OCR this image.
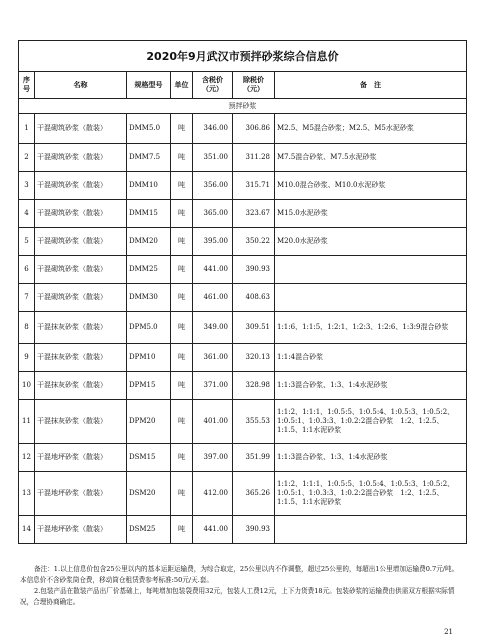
2020年9月武汉市预拌砂浆综合信息价						
序号	名称	规格型号	单位	含税价（元）	除税价（元）	备　注
预拌砂浆						
1	干混砌筑砂浆（散装）	DMM5.0	吨	346.00	306.86	M2.5、M5混合砂浆；M2.5、M5水泥砂浆
2	干混砌筑砂浆（散装）	DMM7.5	吨	351.00	311.28	M7.5混合砂浆、M7.5水泥砂浆
3	干混砌筑砂浆（散装）	DMM10	吨	356.00	315.71	M10.0混合砂浆、M10.0水泥砂浆
4	干混砌筑砂浆（散装）	DMM15	吨	365.00	323.67	M15.0水泥砂浆
5	干混砌筑砂浆（散装）	DMM20	吨	395.00	350.22	M20.0水泥砂浆
6	干混砌筑砂浆（散装）	DMM25	吨	441.00	390.93	
7	干混砌筑砂浆（散装）	DMM30	吨	461.00	408.63	
8	干混抹灰砂浆（散装）	DPM5.0	吨	349.00	309.51	1:1:6、1:1:5、1:2:1、1:2:3、1:2:6、1:3:9混合砂浆
9	干混抹灰砂浆（散装）	DPM10	吨	361.00	320.13	1:1:4混合砂浆
10	干混抹灰砂浆（散装）	DPM15	吨	371.00	328.98	1:1:3混合砂浆、1:3、1:4水泥砂浆
11	干混抹灰砂浆（散装）	DPM20	吨	401.00	355.53	1:1:2、1:1:1、1:0.5:5、1:0.5:4、1:0.5:3、1:0.5:2、1:0.5:1、1:0.3:3、1:0.2:2混合砂浆　1:2、1:2.5、1:1.5、1:1水泥砂浆
12	干混地坪砂浆（散装）	DSM15	吨	397.00	351.99	1:1:3混合砂浆、1:3、1:4水泥砂浆
13	干混地坪砂浆（散装）	DSM20	吨	412.00	365.26	1:1:2、1:1:1、1:0.5:5、1:0.5:4、1:0.5:3、1:0.5:2、1:0.5:1、1:0.3:3、1:0.2:2混合砂浆　1:2、1:2.5、1:1.5、1:1水泥砂浆
14	干混地坪砂浆（散装）	DSM25	吨	441.00	390.93	

备注：1.以上信息价包含25公里以内的基本运距运输费，为综合取定，25公里以内不作调整，超过25公里的，每超出1公里增加运输费0.7元/吨。本信息价不含砂浆筒仓费，移动筒仓租赁费参考标准:50元/天.套。

2.包装产品在散装产品出厂价基础上，每吨增加包装袋费用32元，包装人工费12元，上下力货费18元。包装砂浆的运输费由供需双方根据实际情况，合理协商确定。

21
